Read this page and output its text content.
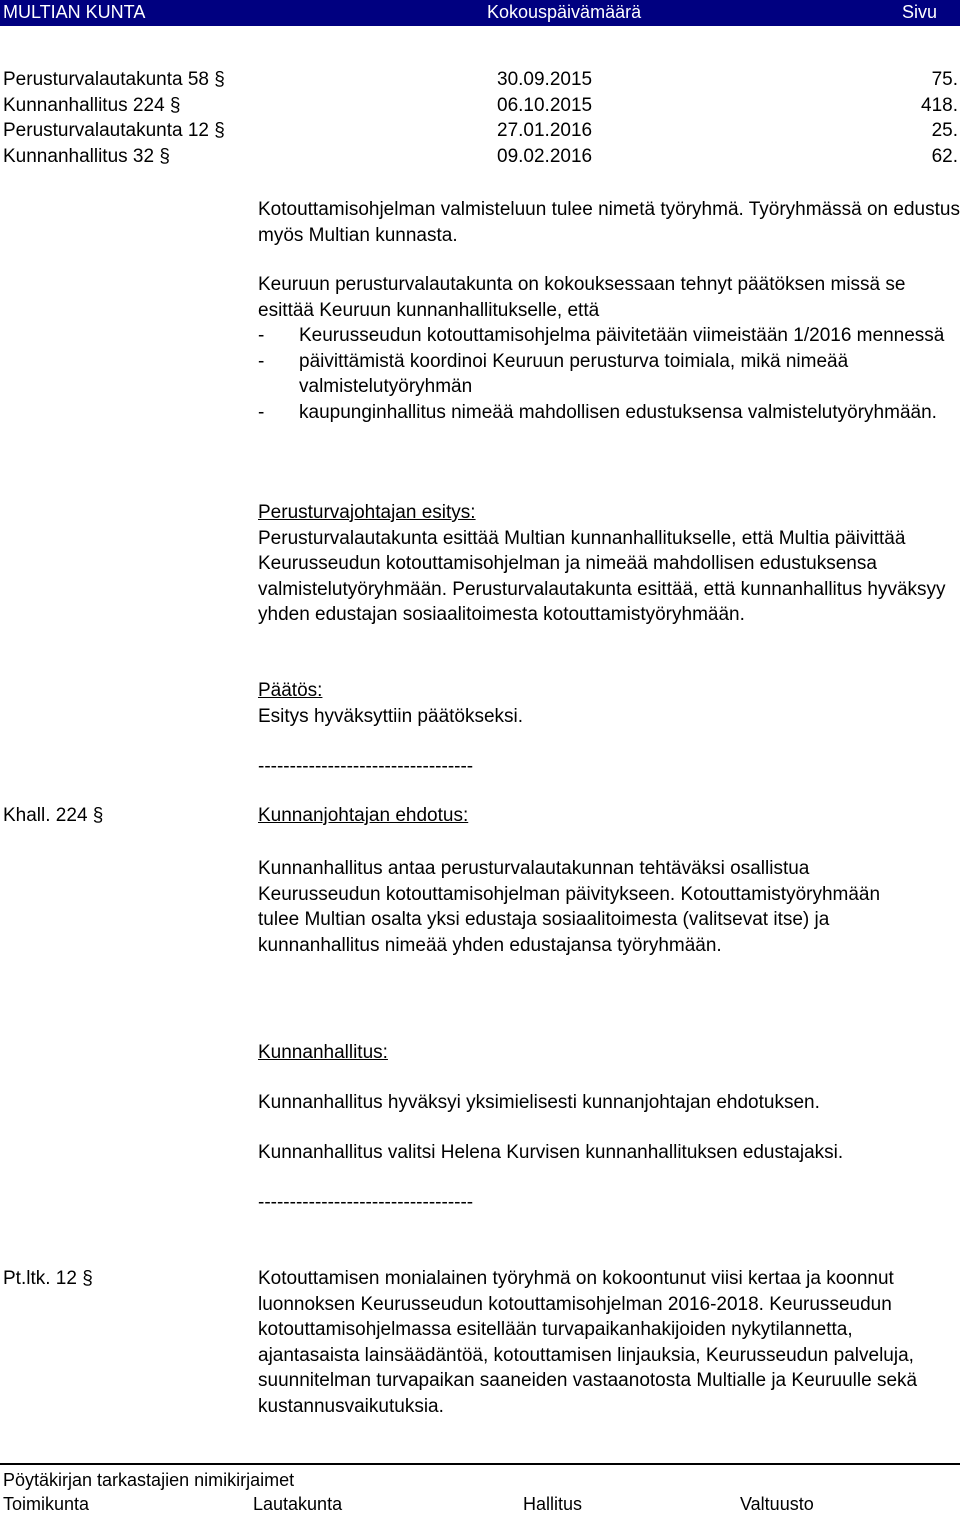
MULTIAN KUNTA	Kokouspäivämäärä	Sivu
Perusturvalautakunta 58 §	30.09.2015	75.
Kunnanhallitus 224 §	06.10.2015	418.
Perusturvalautakunta 12 §	27.01.2016	25.
Kunnanhallitus 32 §	09.02.2016	62.
Kotouttamisohjelman valmisteluun tulee nimetä työryhmä. Työryhmässä on edustus myös Multian kunnasta.
Keuruun perusturvalautakunta on kokouksessaan tehnyt päätöksen missä se esittää Keuruun kunnanhallitukselle, että
- Keurusseudun kotouttamisohjelma päivitetään viimeistään 1/2016 mennessä
- päivittämistä koordinoi Keuruun perusturva toimiala, mikä nimeää valmistelutyöryhmän
- kaupunginhallitus nimeää mahdollisen edustuksensa valmistelutyöryhmään.
Perusturvajohtajan esitys:
Perusturvalautakunta esittää Multian kunnanhallitukselle, että Multia päivittää Keurusseudun kotouttamisohjelman ja nimeää mahdollisen edustuksensa valmistelutyöryhmään. Perusturvalautakunta esittää, että kunnanhallitus hyväksyy yhden edustajan sosiaalitoimesta kotouttamistyöryhmään.
Päätös:
Esitys hyväksyttiin päätökseksi.
----------------------------------
Khall. 224 §	Kunnanjohtajan ehdotus:
Kunnanhallitus antaa perusturvalautakunnan tehtäväksi osallistua Keurusseudun kotouttamisohjelman päivitykseen. Kotouttamistyöryhmään tulee Multian osalta yksi edustaja sosiaalitoimesta (valitsevat itse) ja kunnanhallitus nimeää yhden edustajansa työryhmään.
Kunnanhallitus:
Kunnanhallitus hyväksyi yksimielisesti kunnanjohtajan ehdotuksen.
Kunnanhallitus valitsi Helena Kurvisen kunnanhallituksen edustajaksi.
----------------------------------
Pt.ltk. 12 §	Kotouttamisen monialainen työryhmä on kokoontunut viisi kertaa ja koonnut luonnoksen Keurusseudun kotouttamisohjelman 2016-2018. Keurusseudun kotouttamisohjelmassa esitellään turvapaikanhakijoiden nykytilannetta, ajantasaista lainsäädäntöä, kotouttamisen linjauksia, Keurusseudun palveluja, suunnitelman turvapaikan saaneiden vastaanotosta Multialle ja Keuruulle sekä kustannusvaikutuksia.
Pöytäkirjan tarkastajien nimikirjaimet
Toimikunta	Lautakunta	Hallitus	Valtuusto
